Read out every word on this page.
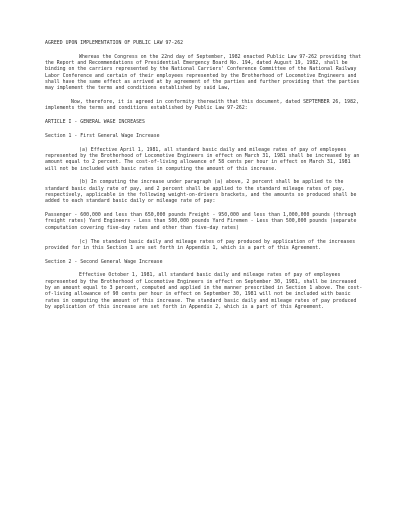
AGREED UPON IMPLEMENTATION OF PUBLIC LAW 97-262

Whereas the Congress on the 22nd day of September, 1982 enacted Public Law 97-262 providing that the Report and Recommendations of Presidential Emergency Board No. 194, dated August 19, 1982, shall be binding on the carriers represented by the National Carriers' Conference Committee of the National Railway Labor Conference and certain of their employees represented by the Brotherhood of Locomotive Engineers and shall have the same effect as arrived at by agreement of the parties and further providing that the parties may implement the terms and conditions established by said Law,

Now, therefore, it is agreed in conformity therewith that this document, dated SEPTEMBER 26, 1982, implements the terms and conditions established by Public Law 97-262:

ARTICLE I - GENERAL WAGE INCREASES

Section 1 - First General Wage Increase

(a) Effective April 1, 1981, all standard basic daily and mileage rates of pay of employees represented by the Brotherhood of Locomotive Engineers in effect on March 31, 1981 shall be increased by an amount equal to 2 percent. The cost-of-living allowance of 58 cents per hour in effect on March 31, 1981 will not be included with basic rates in computing the amount of this increase.

(b) In computing the increase under paragraph (a) above, 2 percent shall be applied to the standard basic daily rate of pay, and 2 percent shall be applied to the standard mileage rates of pay, respectively, applicable in the following weight-on-drivers brackets, and the amounts so produced shall be added to each standard basic daily or mileage rate of pay:

Passenger - 600,000 and less than 650,000 pounds Freight - 950,000 and less than 1,000,000 pounds (through freight rates) Yard Engineers - Less than 500,000 pounds Yard Firemen - Less than 500,000 pounds (separate computation covering five-day rates and other than five-day rates)

(c) The standard basic daily and mileage rates of pay produced by application of the increases provided for in this Section 1 are set forth in Appendix 1, which is a part of this Agreement.

Section 2 - Second General Wage Increase

Effective October 1, 1981, all standard basic daily and mileage rates of pay of employees represented by the Brotherhood of Locomotive Engineers in effect on September 30, 1981, shall be increased by an amount equal to 3 percent, computed and applied in the manner prescribed in Section 1 above. The cost-of-living allowance of 90 cents per hour in effect on September 30, 1981 will not be included with basic rates in computing the amount of this increase. The standard basic daily and mileage rates of pay produced by application of this increase are set forth in Appendix 2, which is a part of this Agreement.
